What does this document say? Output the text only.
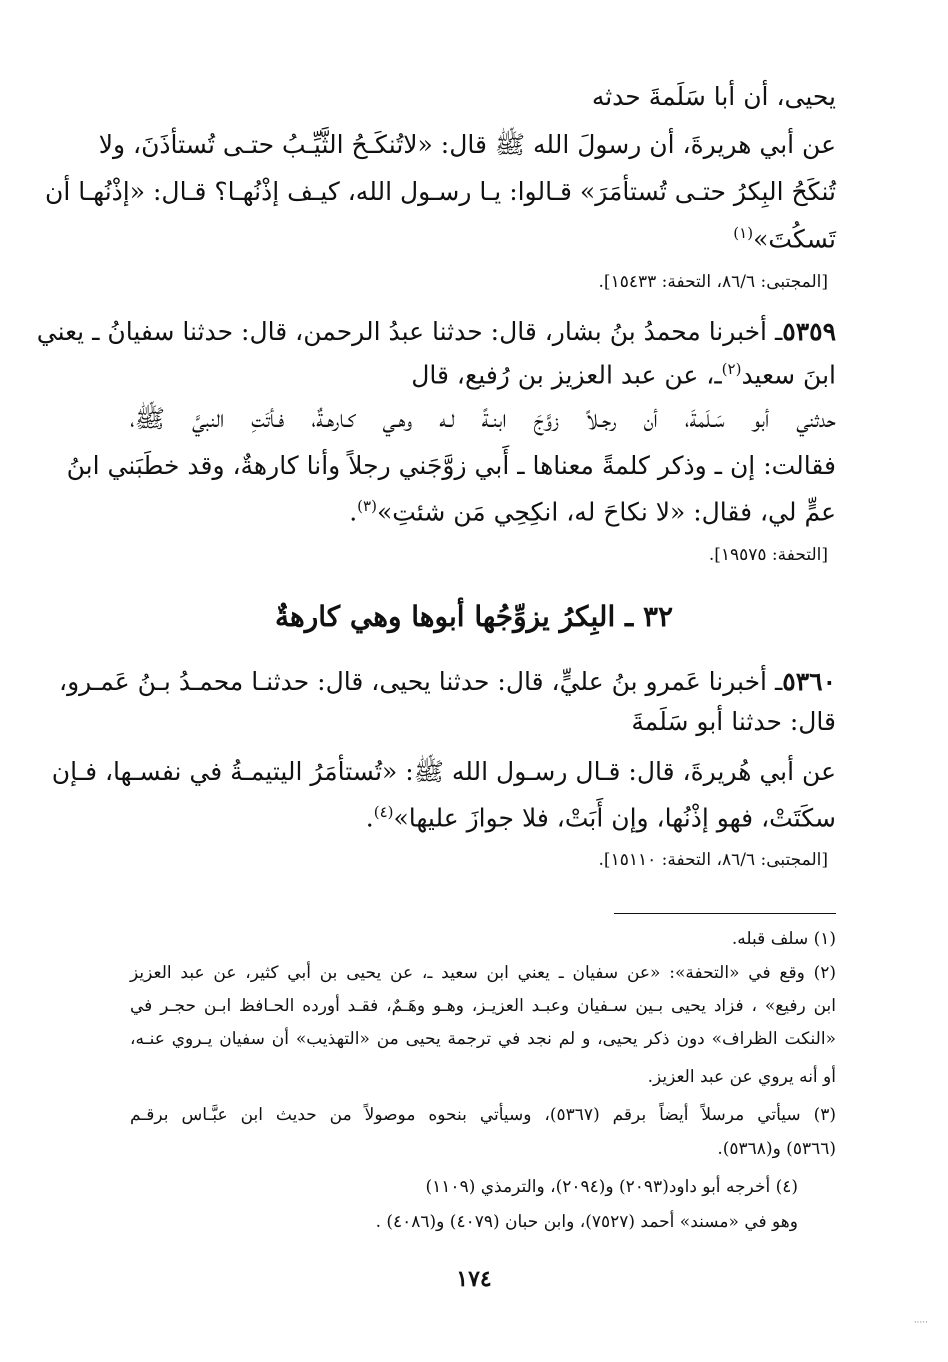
يحيى، أن أبا سَلَمةَ حدثه
عن أبي هريرةَ، أن رسولَ الله ﷺ قال: «لاتُنكَـحُ الثَّيِّـبُ حتـى تُستأذَنَ، ولا
تُنكَحُ البِكرُ حتـى تُستأمَرَ» قـالوا: يـا رسـول الله، كيـف إذْنُهـا؟ قـال: «إذْنُهـا أن
تَسكُتَ»$^{(١)}$
[المجتبى: ٨٦/٦، التحفة: ١٥٤٣٣].
٥٣٥٩ـ أخبرنا محمدُ بنُ بشار، قال: حدثنا عبدُ الرحمن، قال: حدثنا سفيانُ ـ يعني
ابنَ سعيد$^{(٢)}$ـ، عن عبد العزيز بن رُفيع، قال
حدثني أبو سَـلَمةَ، أن رجـلاً زوَّجَ ابنـةً لـه وهـي كـارهـةٌ، فـأتَتِ النبيَّ ﷺ،
فقالت: إن ـ وذكر كلمةً معناها ـ أَبي زوَّجَني رجلاً وأنا كارهةٌ، وقد خطَبَني ابنُ
عمٍّ لي، فقال: «لا نكاحَ له، انكِحِي مَن شئتِ»$^{(٣)}$.
[التحفة: ١٩٥٧٥].
٣٢ ـ البِكرُ يزوِّجُها أبوها وهي كارهةٌ
٥٣٦٠ـ أخبرنا عَمرو بنُ عليٍّ، قال: حدثنا يحيى، قال: حدثنـا محمـدُ بـنُ عَمـرو،
قال: حدثنا أبو سَلَمةَ
عن أبي هُريرةَ، قال: قـال رسـول الله ﷺ: «تُستأمَرُ اليتيمـةُ في نفسـها، فـإن
سكَتَتْ، فهو إذْنُها، وإن أَبَتْ، فلا جوازَ عليها»$^{(٤)}$.
[المجتبى: ٨٦/٦، التحفة: ١٥١١٠].
(١) سلف قبله.
(٢) وقع في «التحفة»: «عن سفيان ـ يعني ابن سعيد ـ، عن يحيى بن أبي كثير، عن عبد العزيز
ابن رفيع» ، فزاد يحيى بـين سـفيان وعبـد العزيـز، وهـو وهَـمٌ، فقـد أورده الحـافظ ابـن حجـر في
«النكت الظراف» دون ذكر يحيى، و لم نجد في ترجمة يحيى من «التهذيب» أن سفيان يـروي عنـه،
أو أنه يروي عن عبد العزيز.
(٣) سيأتي مرسلاً أيضاً برقم (٥٣٦٧)، وسيأتي بنحوه موصولاً من حديث ابن عبَّـاس برقـم
(٥٣٦٦) و(٥٣٦٨).
(٤) أخرجه أبو داود(٢٠٩٣) و(٢٠٩٤)، والترمذي (١١٠٩)
وهو في «مسند» أحمد (٧٥٢٧)، وابن حبان (٤٠٧٩) و(٤٠٨٦) .
١٧٤
·····
